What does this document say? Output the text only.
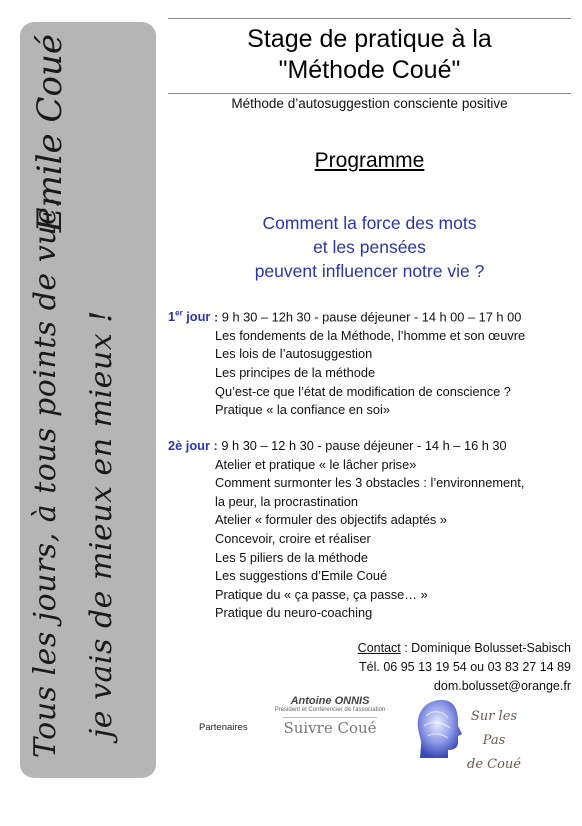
Tous les jours, à tous points de vue, je vais de mieux en mieux !
Emile Coué	Stage de pratique à la
"Méthode Coué"
Méthode d’autosuggestion consciente positive
Programme
Comment la force des mots
et les pensées
peuvent influencer notre vie ?
1er jour : 9 h 30 – 12h 30 - pause déjeuner - 14 h 00 – 17 h 00
Les fondements de la Méthode, l’homme et son œuvre
Les lois de l’autosuggestion
Les principes de la méthode
Qu’est-ce que l’état de modification de conscience ?
Pratique « la confiance en soi»
2è jour : 9 h 30 – 12 h 30 - pause déjeuner - 14 h – 16 h 30
Atelier et pratique « le lâcher prise»
Comment surmonter les 3 obstacles : l’environnement,
la peur, la procrastination
Atelier « formuler des objectifs adaptés »
Concevoir, croire et réaliser
Les 5 piliers de la méthode
Les suggestions d’Emile Coué
Pratique du « ça passe, ça passe… »
Pratique du neuro-coaching
Contact : Dominique Bolusset-Sabisch
Tél. 06 95 13 19 54 ou 03 83 27 14 89
dom.bolusset@orange.fr
Partenaires
Antoine ONNIS
Président et Conférencier de l'association
Suivre Coué
Sur les Pas
de Coué
